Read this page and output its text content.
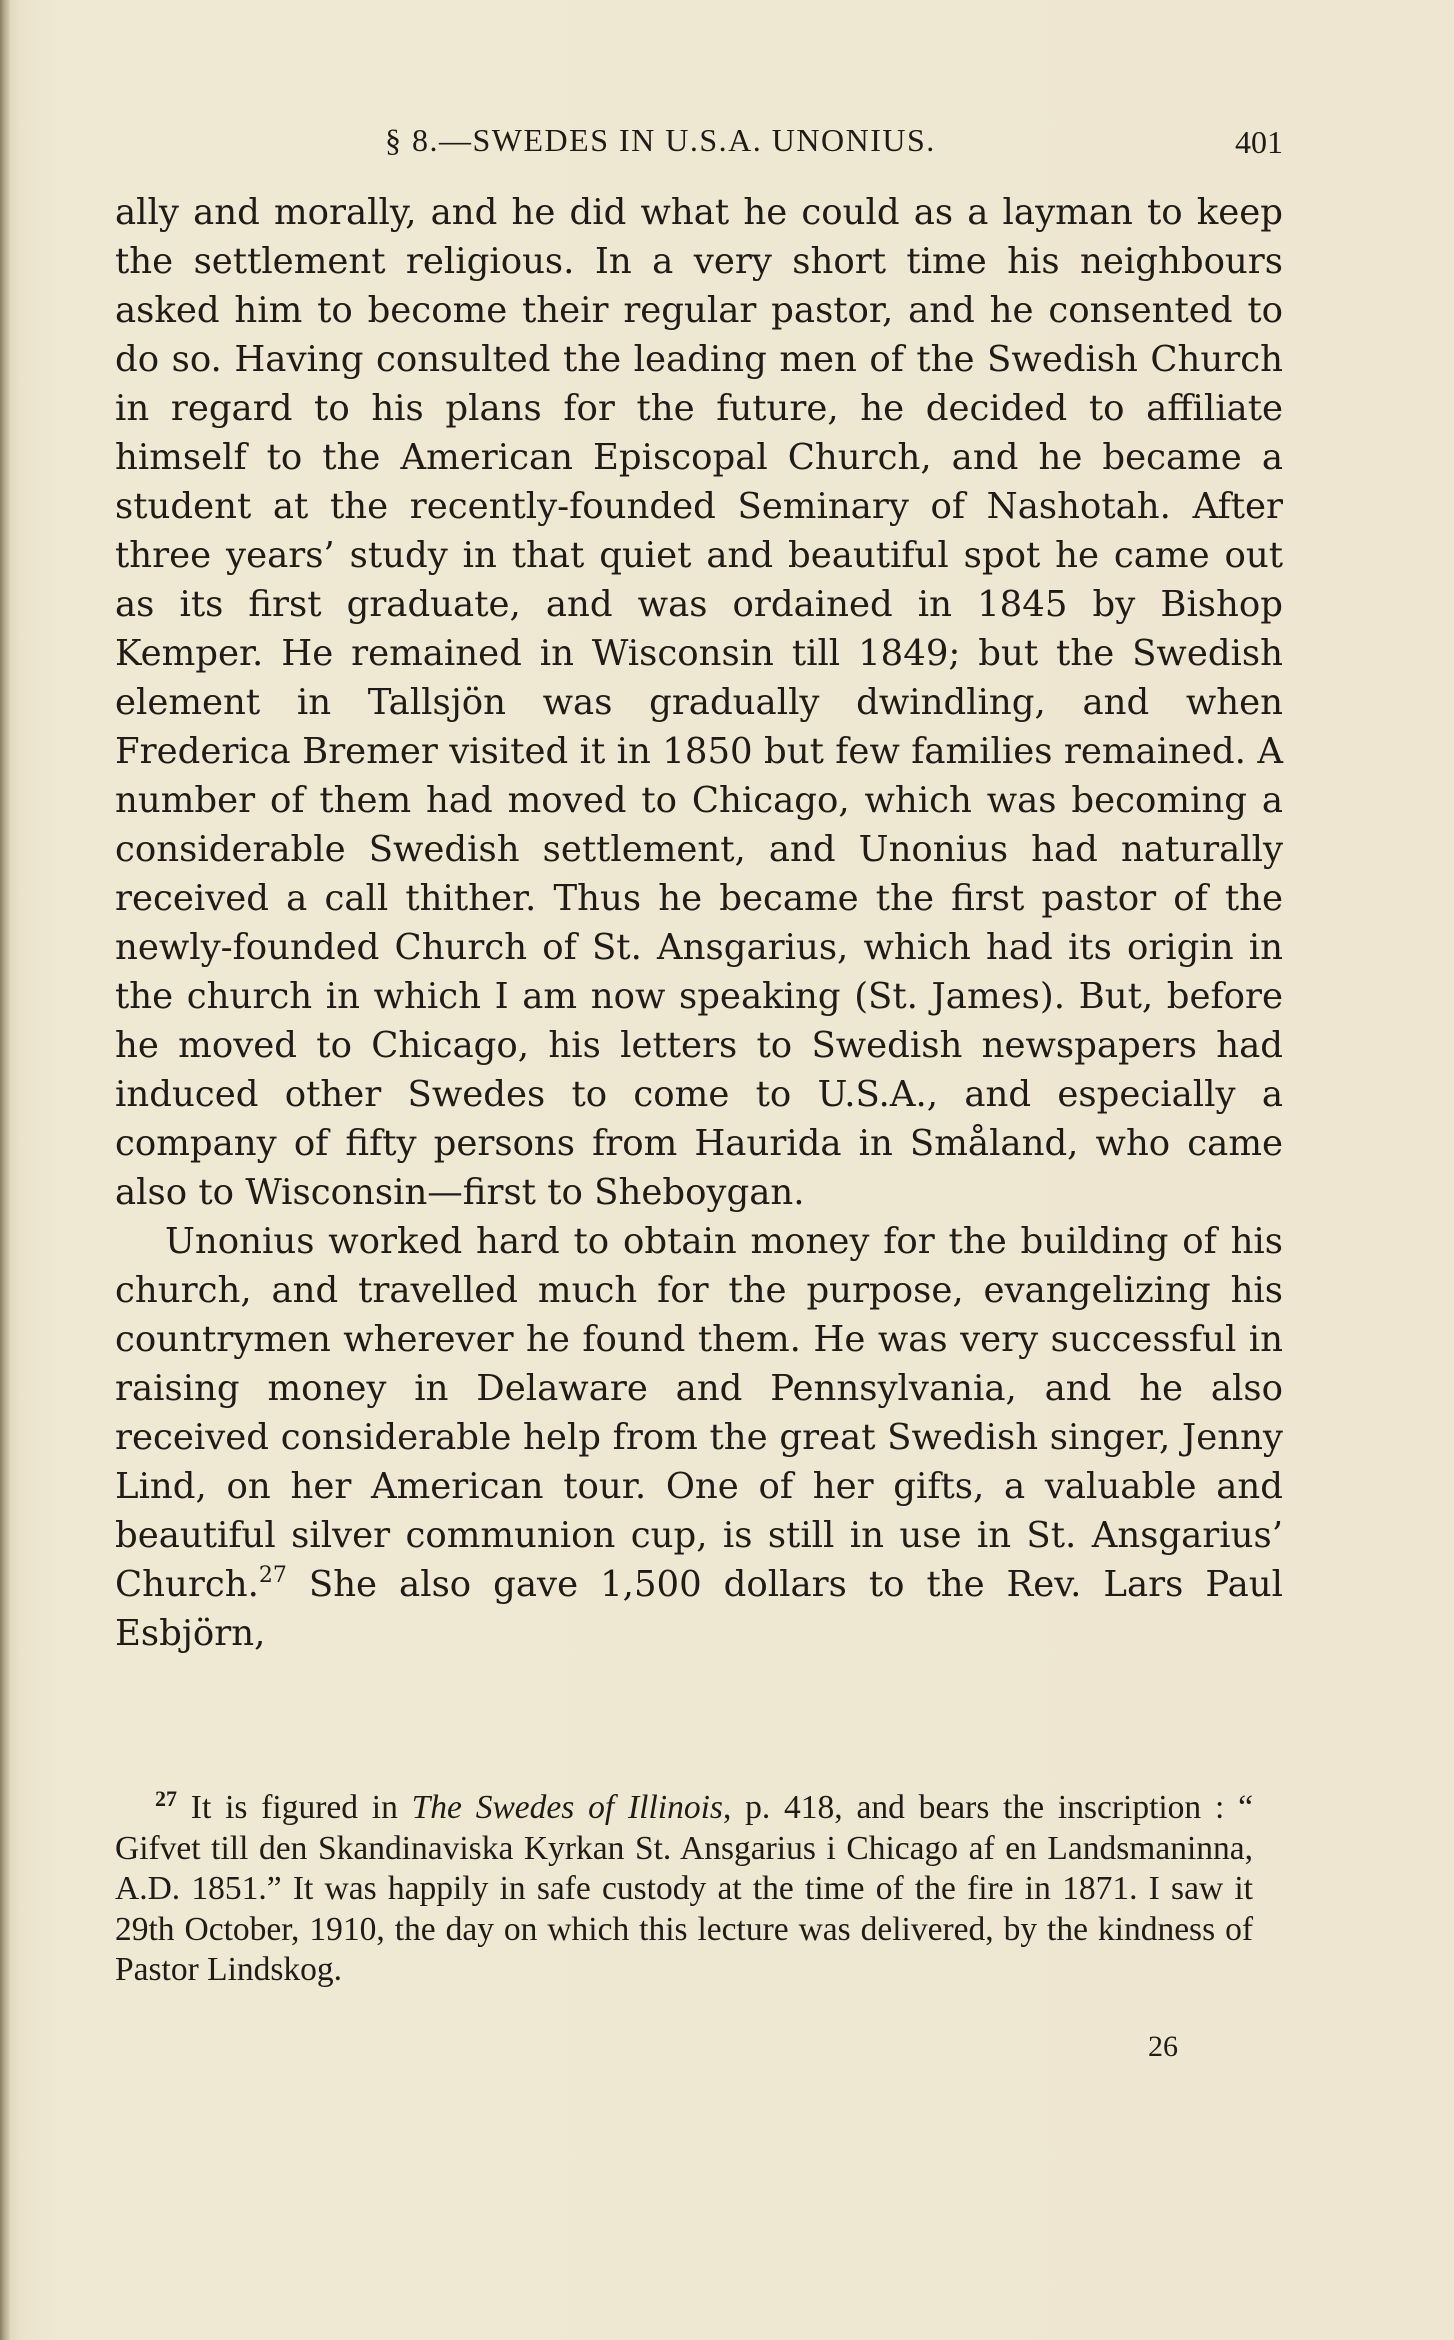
§ 8.—SWEDES IN U.S.A. UNONIUS.	401

ally and morally, and he did what he could as a layman to keep the settlement religious. In a very short time his neighbours asked him to become their regular pastor, and he consented to do so. Having consulted the leading men of the Swedish Church in regard to his plans for the future, he decided to affiliate himself to the American Episcopal Church, and he became a student at the recently-founded Seminary of Nashotah. After three years’ study in that quiet and beautiful spot he came out as its first graduate, and was ordained in 1845 by Bishop Kemper. He remained in Wisconsin till 1849; but the Swedish element in Tallsjön was gradually dwindling, and when Frederica Bremer visited it in 1850 but few families remained. A number of them had moved to Chicago, which was becoming a considerable Swedish settlement, and Unonius had naturally received a call thither. Thus he became the first pastor of the newly-founded Church of St. Ansgarius, which had its origin in the church in which I am now speaking (St. James). But, before he moved to Chicago, his letters to Swedish newspapers had induced other Swedes to come to U.S.A., and especially a company of fifty persons from Haurida in Småland, who came also to Wisconsin—first to Sheboygan.

Unonius worked hard to obtain money for the building of his church, and travelled much for the purpose, evangelizing his countrymen wherever he found them. He was very successful in raising money in Delaware and Pennsylvania, and he also received considerable help from the great Swedish singer, Jenny Lind, on her American tour. One of her gifts, a valuable and beautiful silver communion cup, is still in use in St. Ansgarius’ Church.$^{27}$ She also gave 1,500 dollars to the Rev. Lars Paul Esbjörn,

$^{27}$ It is figured in The Swedes of Illinois, p. 418, and bears the inscription : “ Gifvet till den Skandinaviska Kyrkan St. Ansgarius i Chicago af en Landsmaninna, A.D. 1851.” It was happily in safe custody at the time of the fire in 1871. I saw it 29th October, 1910, the day on which this lecture was delivered, by the kindness of Pastor Lindskog.

26
